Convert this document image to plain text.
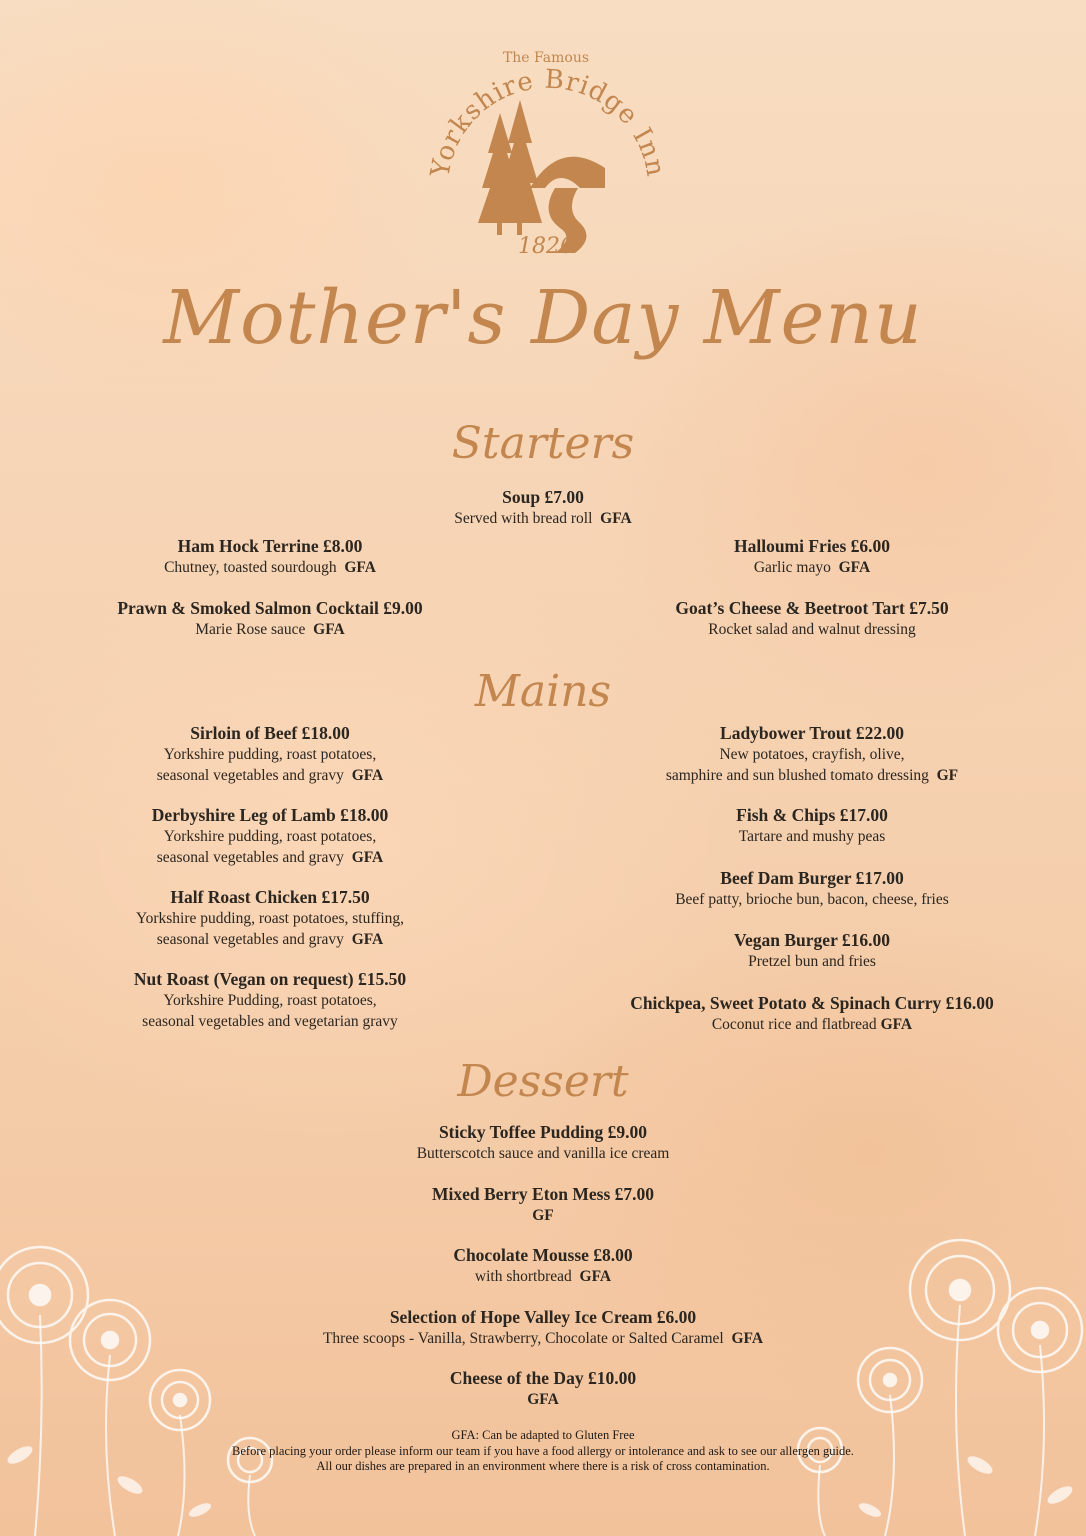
The Famous
Yorkshire Bridge Inn
1826
Mother's Day Menu
Starters
Soup £7.00
Served with bread roll GFA
Ham Hock Terrine £8.00
Chutney, toasted sourdough GFA
Prawn & Smoked Salmon Cocktail £9.00
Marie Rose sauce GFA
Halloumi Fries £6.00
Garlic mayo GFA
Goat’s Cheese & Beetroot Tart £7.50
Rocket salad and walnut dressing
Mains
Sirloin of Beef £18.00
Yorkshire pudding, roast potatoes,
seasonal vegetables and gravy GFA
Derbyshire Leg of Lamb £18.00
Yorkshire pudding, roast potatoes,
seasonal vegetables and gravy GFA
Half Roast Chicken £17.50
Yorkshire pudding, roast potatoes, stuffing,
seasonal vegetables and gravy GFA
Nut Roast (Vegan on request) £15.50
Yorkshire Pudding, roast potatoes,
seasonal vegetables and vegetarian gravy
Ladybower Trout £22.00
New potatoes, crayfish, olive,
samphire and sun blushed tomato dressing GF
Fish & Chips £17.00
Tartare and mushy peas
Beef Dam Burger £17.00
Beef patty, brioche bun, bacon, cheese, fries
Vegan Burger £16.00
Pretzel bun and fries
Chickpea, Sweet Potato & Spinach Curry £16.00
Coconut rice and flatbread GFA
Dessert
Sticky Toffee Pudding £9.00
Butterscotch sauce and vanilla ice cream
Mixed Berry Eton Mess £7.00
GF
Chocolate Mousse £8.00
with shortbread GFA
Selection of Hope Valley Ice Cream £6.00
Three scoops - Vanilla, Strawberry, Chocolate or Salted Caramel GFA
Cheese of the Day £10.00
GFA
GFA: Can be adapted to Gluten Free
Before placing your order please inform our team if you have a food allergy or intolerance and ask to see our allergen guide.
All our dishes are prepared in an environment where there is a risk of cross contamination.
